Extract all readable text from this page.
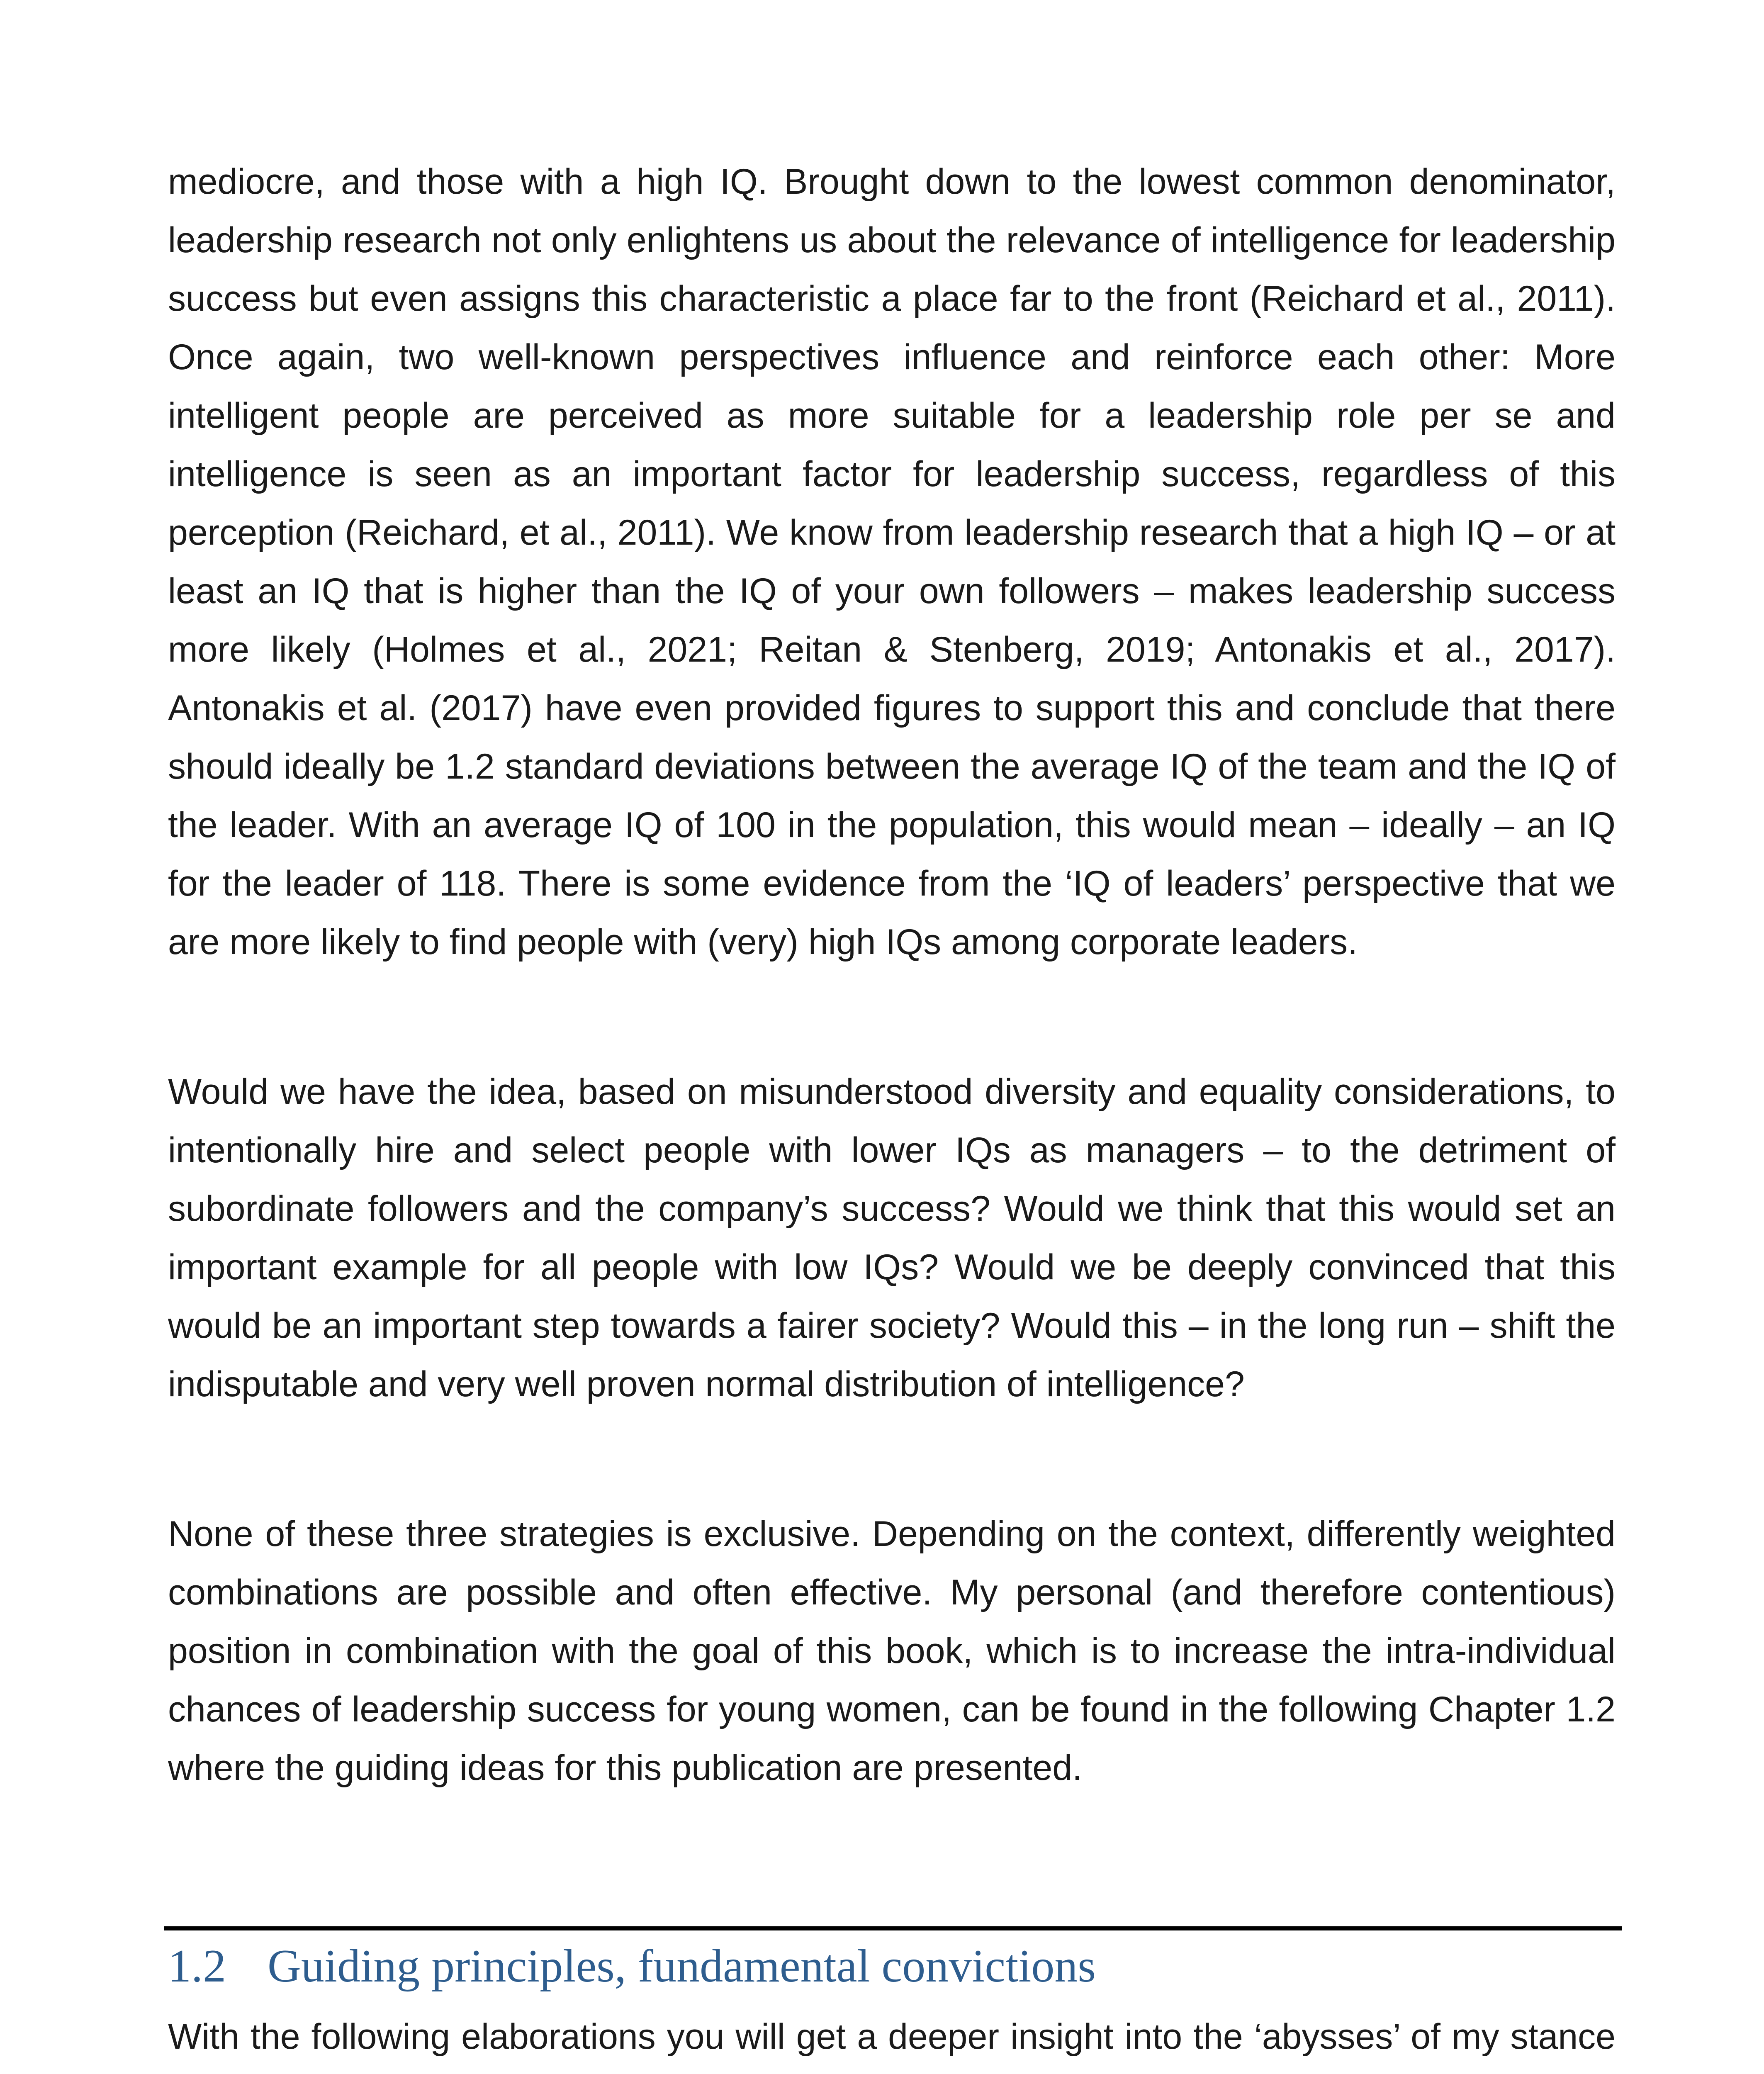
mediocre, and those with a high IQ. Brought down to the lowest common denominator, leadership research not only enlightens us about the relevance of intelligence for leadership success but even assigns this characteristic a place far to the front (Reichard et al., 2011). Once again, two well-known perspectives influence and reinforce each other: More intelligent people are perceived as more suitable for a leadership role per se and intelligence is seen as an important factor for leadership success, regardless of this perception (Reichard, et al., 2011). We know from leadership research that a high IQ – or at least an IQ that is higher than the IQ of your own followers – makes leadership success more likely (Holmes et al., 2021; Reitan & Stenberg, 2019; Antonakis et al., 2017). Antonakis et al. (2017) have even provided figures to support this and conclude that there should ideally be 1.2 standard deviations between the average IQ of the team and the IQ of the leader. With an average IQ of 100 in the population, this would mean – ideally – an IQ for the leader of 118. There is some evidence from the ‘IQ of leaders’ perspective that we are more likely to find people with (very) high IQs among corporate leaders.

Would we have the idea, based on misunderstood diversity and equality considerations, to intentionally hire and select people with lower IQs as managers – to the detriment of subordinate followers and the company’s success? Would we think that this would set an important example for all people with low IQs? Would we be deeply convinced that this would be an important step towards a fairer society? Would this – in the long run – shift the indisputable and very well proven normal distribution of intelligence?

None of these three strategies is exclusive. Depending on the context, differently weighted combinations are possible and often effective. My personal (and therefore contentious) position in combination with the goal of this book, which is to increase the intra-individual chances of leadership success for young women, can be found in the following Chapter 1.2 where the guiding ideas for this publication are presented.

1.2 Guiding principles, fundamental convictions

With the following elaborations you will get a deeper insight into the ‘abysses’ of my stance
